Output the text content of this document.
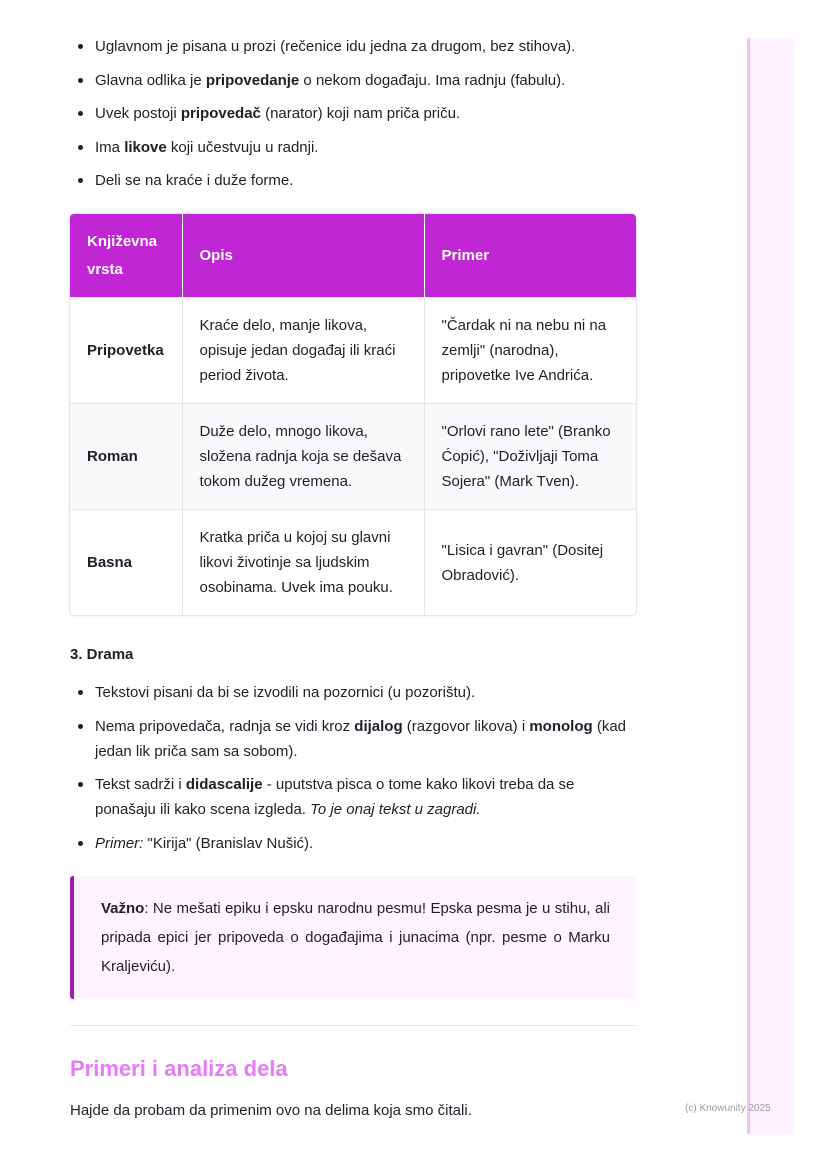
Uglavnom je pisana u prozi (rečenice idu jedna za drugom, bez stihova).
Glavna odlika je pripovedanje o nekom događaju. Ima radnju (fabulu).
Uvek postoji pripovedač (narator) koji nam priča priču.
Ima likove koji učestvuju u radnji.
Deli se na kraće i duže forme.
Književna vrsta	Opis	Primer
Pripovetka	Kraće delo, manje likova, opisuje jedan događaj ili kraći period života.	"Čardak ni na nebu ni na zemlji" (narodna), pripovetke Ive Andrića.
Roman	Duže delo, mnogo likova, složena radnja koja se dešava tokom dužeg vremena.	"Orlovi rano lete" (Branko Ćopić), "Doživljaji Toma Sojera" (Mark Tven).
Basna	Kratka priča u kojoj su glavni likovi životinje sa ljudskim osobinama. Uvek ima pouku.	"Lisica i gavran" (Dositej Obradović).
3. Drama
Tekstovi pisani da bi se izvodili na pozornici (u pozorištu).
Nema pripovedača, radnja se vidi kroz dijalog (razgovor likova) i monolog (kad jedan lik priča sam sa sobom).
Tekst sadrži i didascalije - uputstva pisca o tome kako likovi treba da se ponašaju ili kako scena izgleda. To je onaj tekst u zagradi.
Primer: "Kirija" (Branislav Nušić).
Važno: Ne mešati epiku i epsku narodnu pesmu! Epska pesma je u stihu, ali pripada epici jer pripoveda o događajima i junacima (npr. pesme o Marku Kraljeviću).
Primeri i analiza dela

Hajde da probam da primenim ovo na delima koja smo čitali.	(c) Knowunity 2025
